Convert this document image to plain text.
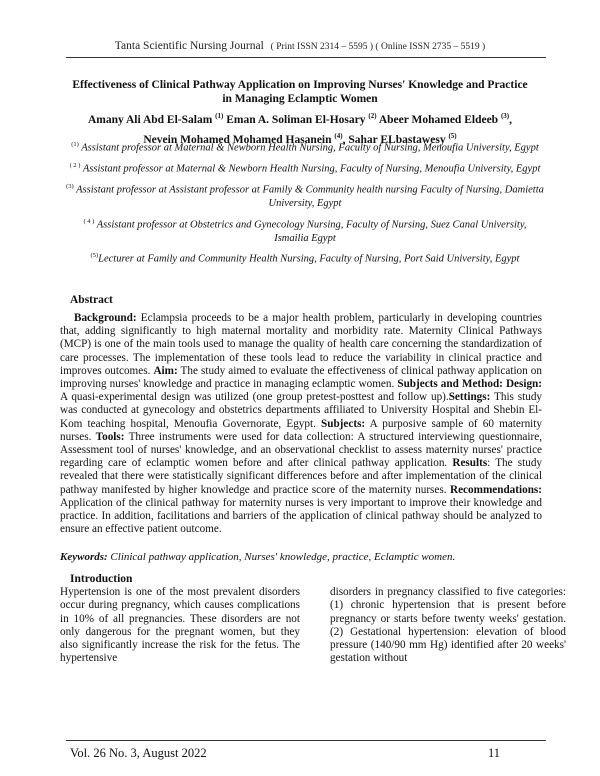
Tanta Scientific Nursing Journal ( Print ISSN 2314 – 5595 ) ( Online ISSN 2735 – 5519 )
Effectiveness of Clinical Pathway Application on Improving Nurses' Knowledge and Practice in Managing Eclamptic Women
Amany Ali Abd El-Salam $^{(1)}$ Eman A. Soliman El-Hosary $^{(2)}$ Abeer Mohamed Eldeeb $^{(3)}$,
Nevein Mohamed Mohamed Hasanein $^{(4)}$, Sahar ELbastawesy $^{(5)}$

$^{(1)}$ Assistant professor at Maternal & Newborn Health Nursing, Faculty of Nursing, Menoufia University, Egypt

$^{( 2 )}$ Assistant professor at Maternal & Newborn Health Nursing, Faculty of Nursing, Menoufia University, Egypt

$^{(3)}$ Assistant professor at Assistant professor at Family & Community health nursing Faculty of Nursing, Damietta University, Egypt

$^{( 4 )}$ Assistant professor at Obstetrics and Gynecology Nursing, Faculty of Nursing, Suez Canal University, Ismailia Egypt

$^{(5)}$Lecturer at Family and Community Health Nursing, Faculty of Nursing, Port Said University, Egypt

Abstract

Background: Eclampsia proceeds to be a major health problem, particularly in developing countries that, adding significantly to high maternal mortality and morbidity rate. Maternity Clinical Pathways (MCP) is one of the main tools used to manage the quality of health care concerning the standardization of care processes. The implementation of these tools lead to reduce the variability in clinical practice and improves outcomes. Aim: The study aimed to evaluate the effectiveness of clinical pathway application on improving nurses' knowledge and practice in managing eclamptic women. Subjects and Method: Design: A quasi-experimental design was utilized (one group pretest-posttest and follow up).Settings: This study was conducted at gynecology and obstetrics departments affiliated to University Hospital and Shebin El-Kom teaching hospital, Menoufia Governorate, Egypt. Subjects: A purposive sample of 60 maternity nurses. Tools: Three instruments were used for data collection: A structured interviewing questionnaire, Assessment tool of nurses' knowledge, and an observational checklist to assess maternity nurses' practice regarding care of eclamptic women before and after clinical pathway application. Results: The study revealed that there were statistically significant differences before and after implementation of the clinical pathway manifested by higher knowledge and practice score of the maternity nurses. Recommendations: Application of the clinical pathway for maternity nurses is very important to improve their knowledge and practice. In addition, facilitations and barriers of the application of clinical pathway should be analyzed to ensure an effective patient outcome.

Keywords: Clinical pathway application, Nurses' knowledge, practice, Eclamptic women.
Introduction
Hypertension is one of the most prevalent disorders occur during pregnancy, which causes complications in 10% of all pregnancies. These disorders are not only dangerous for the pregnant women, but they also significantly increase the risk for the fetus. The hypertensive
disorders in pregnancy classified to five categories: (1) chronic hypertension that is present before pregnancy or starts before twenty weeks' gestation. (2) Gestational hypertension: elevation of blood pressure (140/90 mm Hg) identified after 20 weeks' gestation without
Vol. 26 No. 3, August 2022	11
